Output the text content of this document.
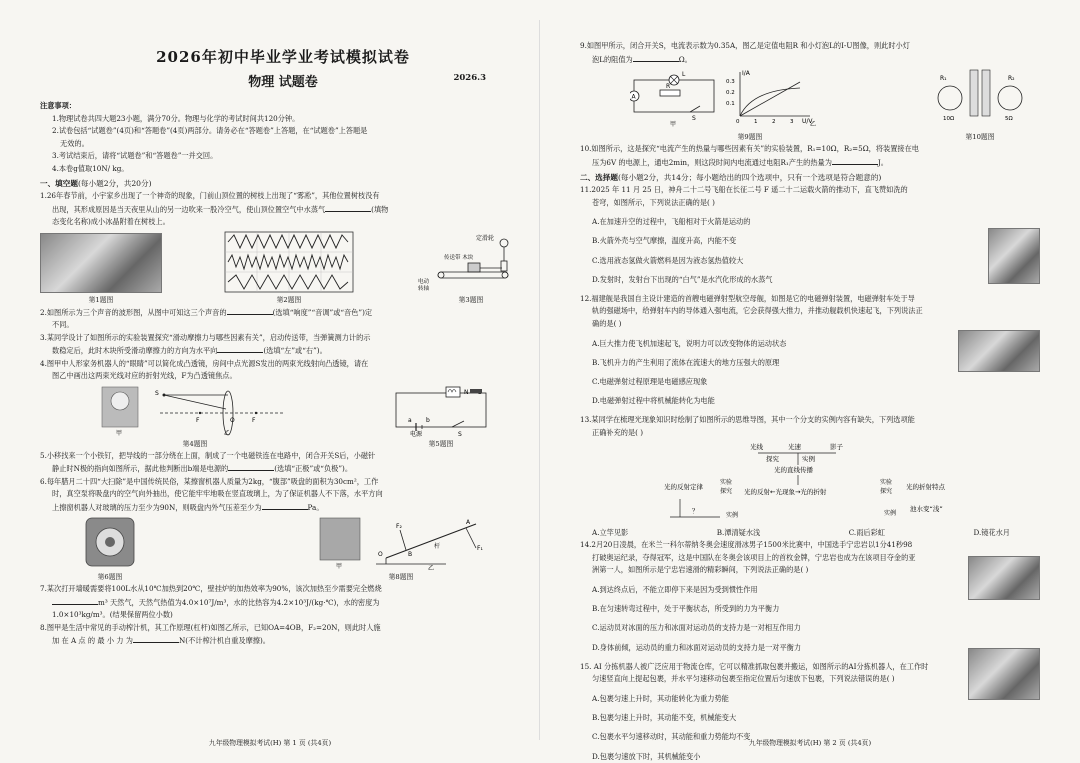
2026年初中毕业学业考试模拟试卷
物理 试题卷	2026.3

注意事项：

1.物理试卷共四大题23小题，满分70分。物理与化学的考试时间共120分钟。

2.试卷包括“试题卷”(4页)和“答题卷”(4页)两部分。请务必在“答题卷”上答题，在“试题卷”上答题是

无效的。

3.考试结束后，请将“试题卷”和“答题卷”一并交回。

4.本卷g值取10N/ kg。

一、填空题(每小题2分，共20分)

1.26年春节前，小宇家乡出现了一个神奇的现象，门前山顶位置的树枝上出现了“雾凇”，其他位置树枝没有

出现，其形成原因是当天夜里从山的另一边吹来一股冷空气，使山顶位置空气中水蒸气	(填物

态变化名称)成小冰晶附着在树枝上。

第1题图	第2题图
定滑轮
传送带 木块
电动
转轴
第3题图

2.如图所示为三个声音的波形图，从图中可知这三个声音的	(选填“响度”“音调”或“音色”)定

不同。

3.某同学设计了如图所示的实验装置探究“滑动摩擦力与哪些因素有关”，启动传送带，当弹簧测力计的示

数稳定后，此时木块所受滑动摩擦力的方向为水平向	(选填“左”或“右”)。

4.图甲中人形家务机器人的“眼睛”可以简化成凸透镜，房间中点光源S发出的两束光线射向凸透镜，请在

图乙中画出这两束光线对应的折射光线，F为凸透镜焦点。

甲
S
F	O	F
乙
第4题图
N
a b
电源	S
第5题图

5.小移找来一个小铁钉，把导线的一部分绕在上面，制成了一个电磁铁连在电路中，闭合开关S后，小磁针

静止时N极的指向如图所示，据此他判断出b端是电源的	(选填“正极”或“负极”)。

6.每年腊月二十四“大扫除”是中国传统民俗，某擦窗机器人质量为2kg，“腹部”吸盘的面积为30cm²，工作

时，真空泵将吸盘内的空气向外抽出，使它能牢牢地吸在竖直玻璃上，为了保证机器人不下落，水平方向

上擦窗机器人对玻璃的压力至少为90N，则吸盘内外气压差至少为	Pa。

第6题图
甲
F₂
F₁
A
O	B
杆
乙
第8题图

7.某次打开墙暖需要将100L水从10℃加热到20℃，壁挂炉的加热效率为90%，该次加热至少需要完全燃烧

m³ 天然气，天然气热值为4.0×10⁷J/m³，水的比热容为4.2×10³J/(kg·℃)，水的密度为

1.0×10³kg/m³。(结果保留两位小数)

8.图甲是生活中常见的手动榨汁机，其工作原理(杠杆)如图乙所示，已知OA=4OB，F₂=20N，则此时人施

加 在 A 点 的 最 小 力 为	N(不计榨汁机自重及摩擦)。

九年级物理模拟考试(H) 第 1 页 (共4页)

9.如图甲所示，闭合开关S，电流表示数为0.35A，图乙是定值电阻R 和小灯泡L的I-U图像，则此时小灯

泡L的阻值为	Ω。

L
R
A
S
甲
I/A
U/V
0.3
0.2
0.1
0	1	2	3	乙
第9题图
R₁	R₂
10Ω	5Ω
第10题图

10.如图所示，这是探究“电流产生的热量与哪些因素有关”的实验装置，R₁=10Ω，R₂=5Ω，将装置接在电

压为6V 的电源上，通电2min，则这段时间内电流通过电阻R₁产生的热量为	J。

二、选择题(每小题2分，共14分；每小题给出的四个选项中，只有一个选项是符合题意的)

11.2025 年 11 月 25 日，神舟二十二号飞船在长征二号 F 遥二十二运载火箭的推动下，直飞赞如洗的

苍穹，如图所示，下列说法正确的是( )

A.在加速升空的过程中，飞船相对于火箭是运动的

B.火箭外壳与空气摩擦，温度升高，内能不变

C.选用液态氢做火箭燃料是因为液态氢热值较大

D.发射时，发射台下出现的“白气”是水汽化形成的水蒸气

12.福建舰是我国自主设计建造的首艘电磁弹射型航空母舰，如图是它的电磁弹射装置，电磁弹射车处于导

轨的强磁场中，给弹射车内的导体通入强电流，它会获得强大推力，并推动舰载机快速起飞，下列说法正

确的是( )

A.巨大推力使飞机加速起飞，说明力可以改变物体的运动状态

B.飞机升力的产生利用了流体在流速大的地方压强大的原理

C.电磁弹射过程原理是电磁感应现象

D.电磁弹射过程中将机械能转化为电能

13.某同学在梳理光现象知识时绘制了如图所示的思维导图，其中一个分支的实例内容有缺失，下列选项能

正确补充的是( )

光线	光速	影子
探究	实例
光的直线传播
光的反射定律
实验
探究 光的反射←光现象→光的折射
实验
探究
光的折射特点
？
实例	实例
池水变“浅”
A.立竿见影	B.潭清疑水浅	C.雨后彩虹	D.镜花水月

14.2月20日凌晨，在米兰一科尔蒂纳冬奥会速度滑冰男子1500米比赛中，中国选手宁忠岩以1分41秒98

打破奥运纪录，夺得冠军，这是中国队在冬奥会该项目上的首枚金牌，宁忠岩也成为在该项目夺金的亚

洲第一人，如图所示是宁忠岩速滑的精彩瞬间，下列说法正确的是( )

A.到达终点后，不能立即停下来是因为受到惯性作用

B.在匀速转弯过程中，处于平衡状态，所受到的力为平衡力

C.运动员对冰面的压力和冰面对运动员的支持力是一对相互作用力

D.身体前倾，运动员的重力和冰面对运动员的支持力是一对平衡力

15. AI 分拣机器人被广泛应用于物流仓库，它可以精准抓取包裹并搬运，如图所示的AI分拣机器人，在工作时

匀速竖直向上提起包裹，并水平匀速移动包裹至指定位置后匀速放下包裹，下列说法错误的是( )

A.包裹匀速上升时，其动能转化为重力势能

B.包裹匀速上升时，其动能不变，机械能变大

C.包裹水平匀速移动时，其动能和重力势能均不变

D.包裹匀速放下时，其机械能变小

九年级物理模拟考试(H) 第 2 页 (共4页)
